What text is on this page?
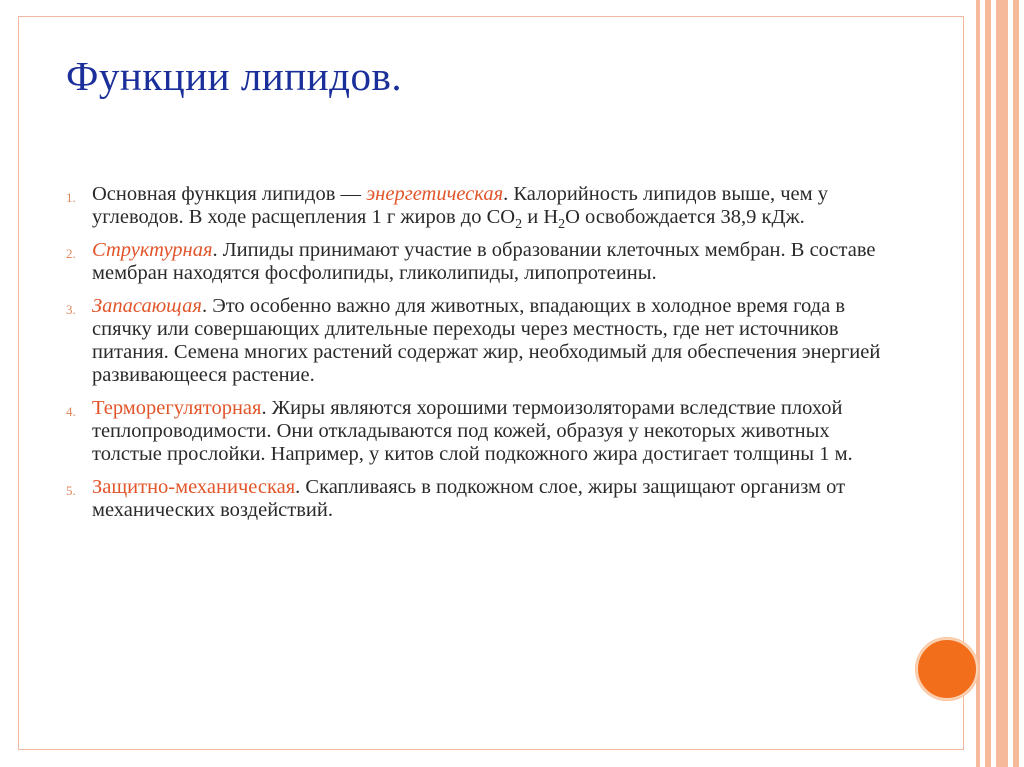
Функции липидов.
1. Основная функция липидов — энергетическая. Калорийность липидов выше, чем у углеводов. В ходе расщепления 1 г жиров до $CO_2$ и $H_2O$ освобождается 38,9 кДж.
2. Структурная. Липиды принимают участие в образовании клеточных мембран. В составе мембран находятся фосфолипиды, гликолипиды, липопротеины.
3. Запасающая. Это особенно важно для животных, впадающих в холодное время года в спячку или совершающих длительные переходы через местность, где нет источников питания. Семена многих растений содержат жир, необходимый для обеспечения энергией развивающееся растение.
4. Терморегуляторная. Жиры являются хорошими термоизоляторами вследствие плохой теплопроводимости. Они откладываются под кожей, образуя у некоторых животных толстые прослойки. Например, у китов слой подкожного жира достигает толщины 1 м.
5. Защитно-механическая. Скапливаясь в подкожном слое, жиры защищают организм от механических воздействий.
